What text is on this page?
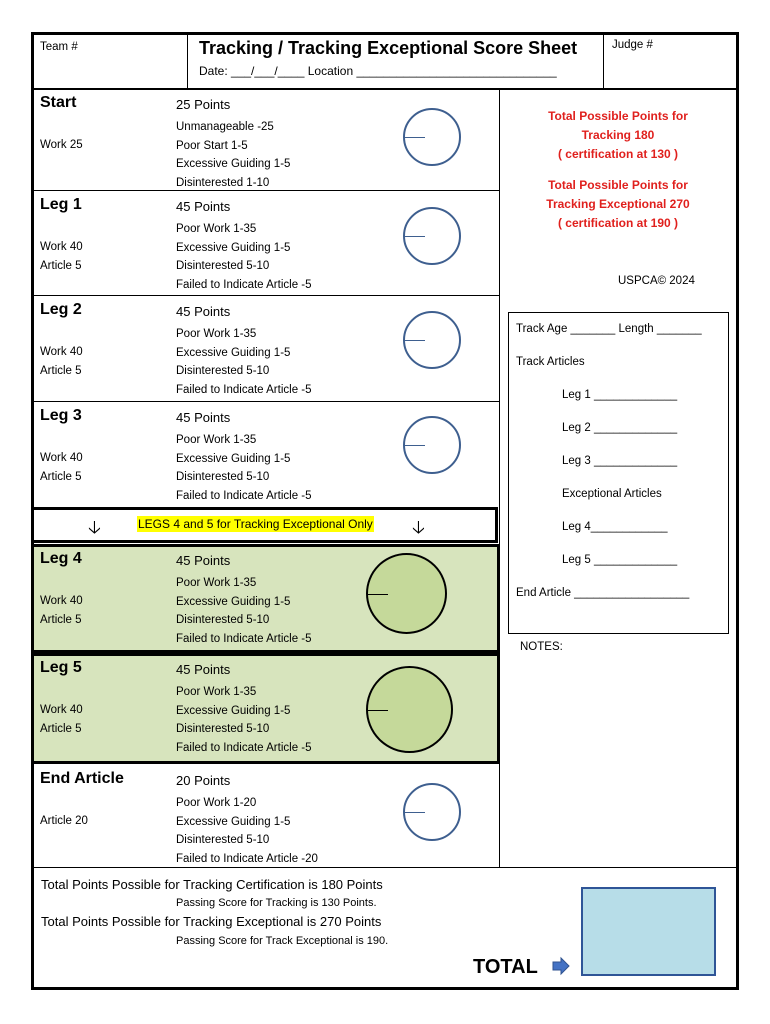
Team #	Tracking / Tracking Exceptional Score Sheet	Judge #
Date: ___/___/____ Location ______________________________
Start	25 Points
Unmanageable -25
Poor Start 1-5
Excessive Guiding 1-5
Disinterested 1-10
Work 25
Leg 1	45 Points
Poor Work 1-35
Excessive Guiding 1-5
Disinterested 5-10
Failed to Indicate Article -5
Work 40
Article 5
Leg 2	45 Points
Poor Work 1-35
Excessive Guiding 1-5
Disinterested 5-10
Failed to Indicate Article -5
Work 40
Article 5
Leg 3	45 Points
Poor Work 1-35
Excessive Guiding 1-5
Disinterested 5-10
Failed to Indicate Article -5
Work 40
Article 5
Leg 4	45 Points
Poor Work 1-35
Excessive Guiding 1-5
Disinterested 5-10
Failed to Indicate Article -5
Work 40
Article 5
Leg 5	45 Points
Poor Work 1-35
Excessive Guiding 1-5
Disinterested 5-10
Failed to Indicate Article -5
Work 40
Article 5
End Article	20 Points
Poor Work 1-20
Excessive Guiding 1-5
Disinterested 5-10
Failed to Indicate Article -20
Article 20
🡣	LEGS 4 and 5 for Tracking Exceptional Only 🡣
Total Possible Points for
Tracking 180
( certification at 130 )
Total Possible Points for
Tracking Exceptional 270
( certification at 190 )
USPCA© 2024
Track Age _______ Length _______
Track Articles
Leg 1 _____________
Leg 2 _____________
Leg 3 _____________
Exceptional Articles
Leg 4____________
Leg 5 _____________
End Article __________________
NOTES:
Total Points Possible for Tracking Certification is 180 Points
Passing Score for Tracking is 130 Points.
Total Points Possible for Tracking Exceptional is 270 Points
Passing Score for Track Exceptional is 190.
TOTAL
